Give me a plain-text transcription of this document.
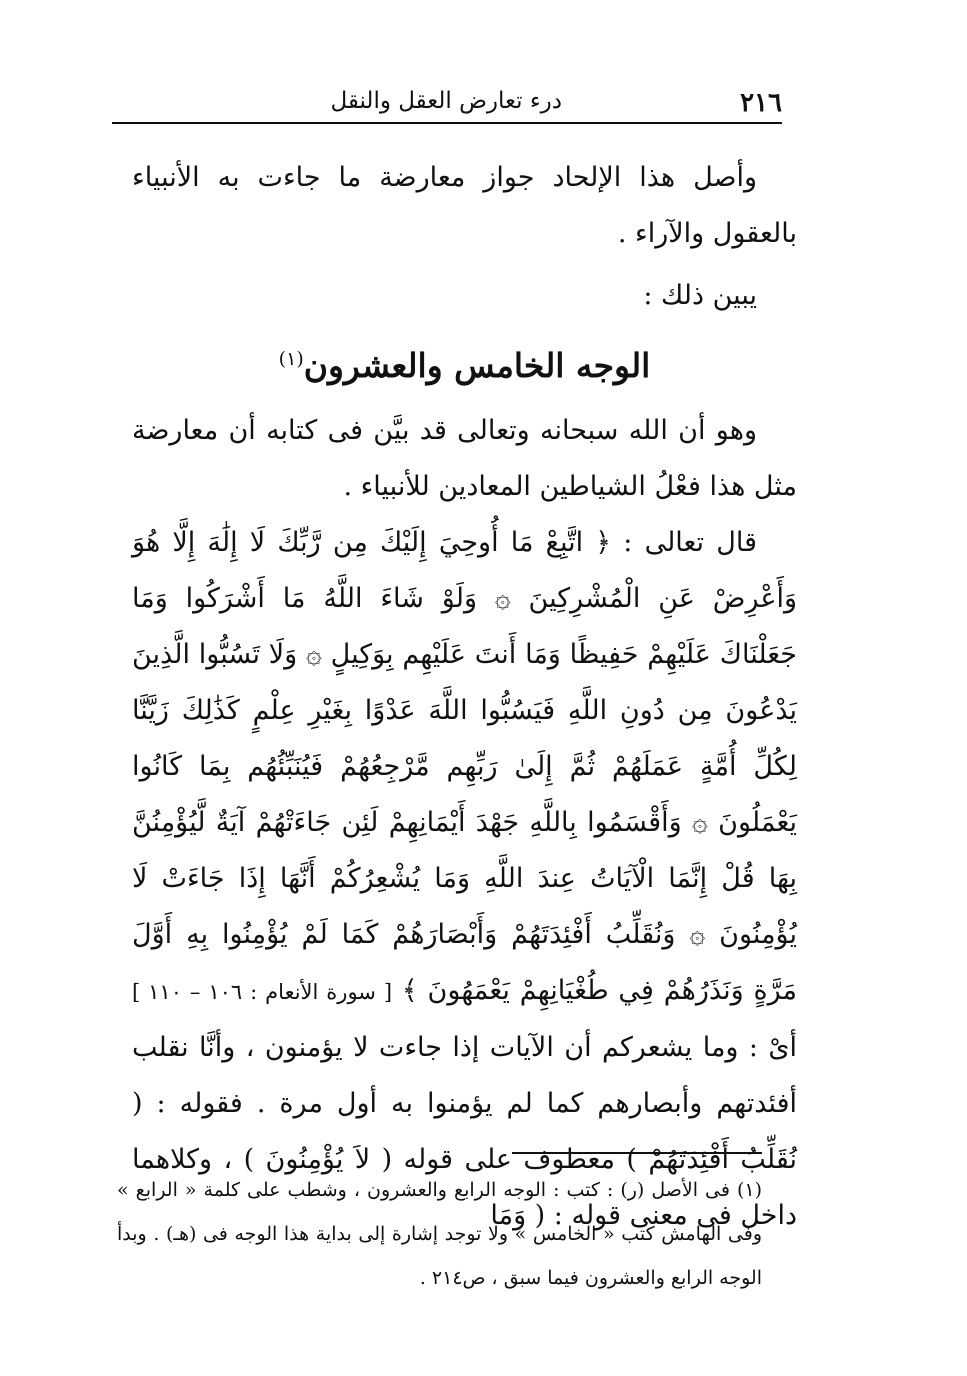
٢١٦
درء تعارض العقل والنقل

وأصل هذا الإلحاد جواز معارضة ما جاءت به الأنبياء بالعقول والآراء .

يبين ذلك :

الوجه الخامس والعشرون$^{(١)}$

وهو أن الله سبحانه وتعالى قد بيَّن فى كتابه أن معارضة مثل هذا فعْلُ الشياطين المعادين للأنبياء .

قال تعالى : ﴿ اتَّبِعْ مَا أُوحِيَ إِلَيْكَ مِن رَّبِّكَ لَا إِلَٰهَ إِلَّا هُوَ وَأَعْرِضْ عَنِ الْمُشْرِكِينَ ۞ وَلَوْ شَاءَ اللَّهُ مَا أَشْرَكُوا وَمَا جَعَلْنَاكَ عَلَيْهِمْ حَفِيظًا وَمَا أَنتَ عَلَيْهِم بِوَكِيلٍ ۞ وَلَا تَسُبُّوا الَّذِينَ يَدْعُونَ مِن دُونِ اللَّهِ فَيَسُبُّوا اللَّهَ عَدْوًا بِغَيْرِ عِلْمٍ كَذَٰلِكَ زَيَّنَّا لِكُلِّ أُمَّةٍ عَمَلَهُمْ ثُمَّ إِلَىٰ رَبِّهِم مَّرْجِعُهُمْ فَيُنَبِّئُهُم بِمَا كَانُوا يَعْمَلُونَ ۞ وَأَقْسَمُوا بِاللَّهِ جَهْدَ أَيْمَانِهِمْ لَئِن جَاءَتْهُمْ آيَةٌ لَّيُؤْمِنُنَّ بِهَا قُلْ إِنَّمَا الْآيَاتُ عِندَ اللَّهِ وَمَا يُشْعِرُكُمْ أَنَّهَا إِذَا جَاءَتْ لَا يُؤْمِنُونَ ۞ وَنُقَلِّبُ أَفْئِدَتَهُمْ وَأَبْصَارَهُمْ كَمَا لَمْ يُؤْمِنُوا بِهِ أَوَّلَ مَرَّةٍ وَنَذَرُهُمْ فِي طُغْيَانِهِمْ يَعْمَهُونَ ﴾ [ سورة الأنعام : ١٠٦ – ١١٠ ] أىْ : وما يشعركم أن الآيات إذا جاءت لا يؤمنون ، وأنَّا نقلب أفئدتهم وأبصارهم كما لم يؤمنوا به أول مرة . فقوله : ( نُقَلِّبُ أَفْئِدَتَهُمْ ) معطوف على قوله ( لاَ يُؤْمِنُونَ ) ، وكلاهما داخل فى معنى قوله : ( وَمَا

(١) فى الأصل (ر) : كتب : الوجه الرابع والعشرون ، وشطب على كلمة « الرابع » وفى الهامش كتب « الخامس » ولا توجد إشارة إلى بداية هذا الوجه فى (هـ) . وبدأ الوجه الرابع والعشرون فيما سبق ، ص٢١٤ .
